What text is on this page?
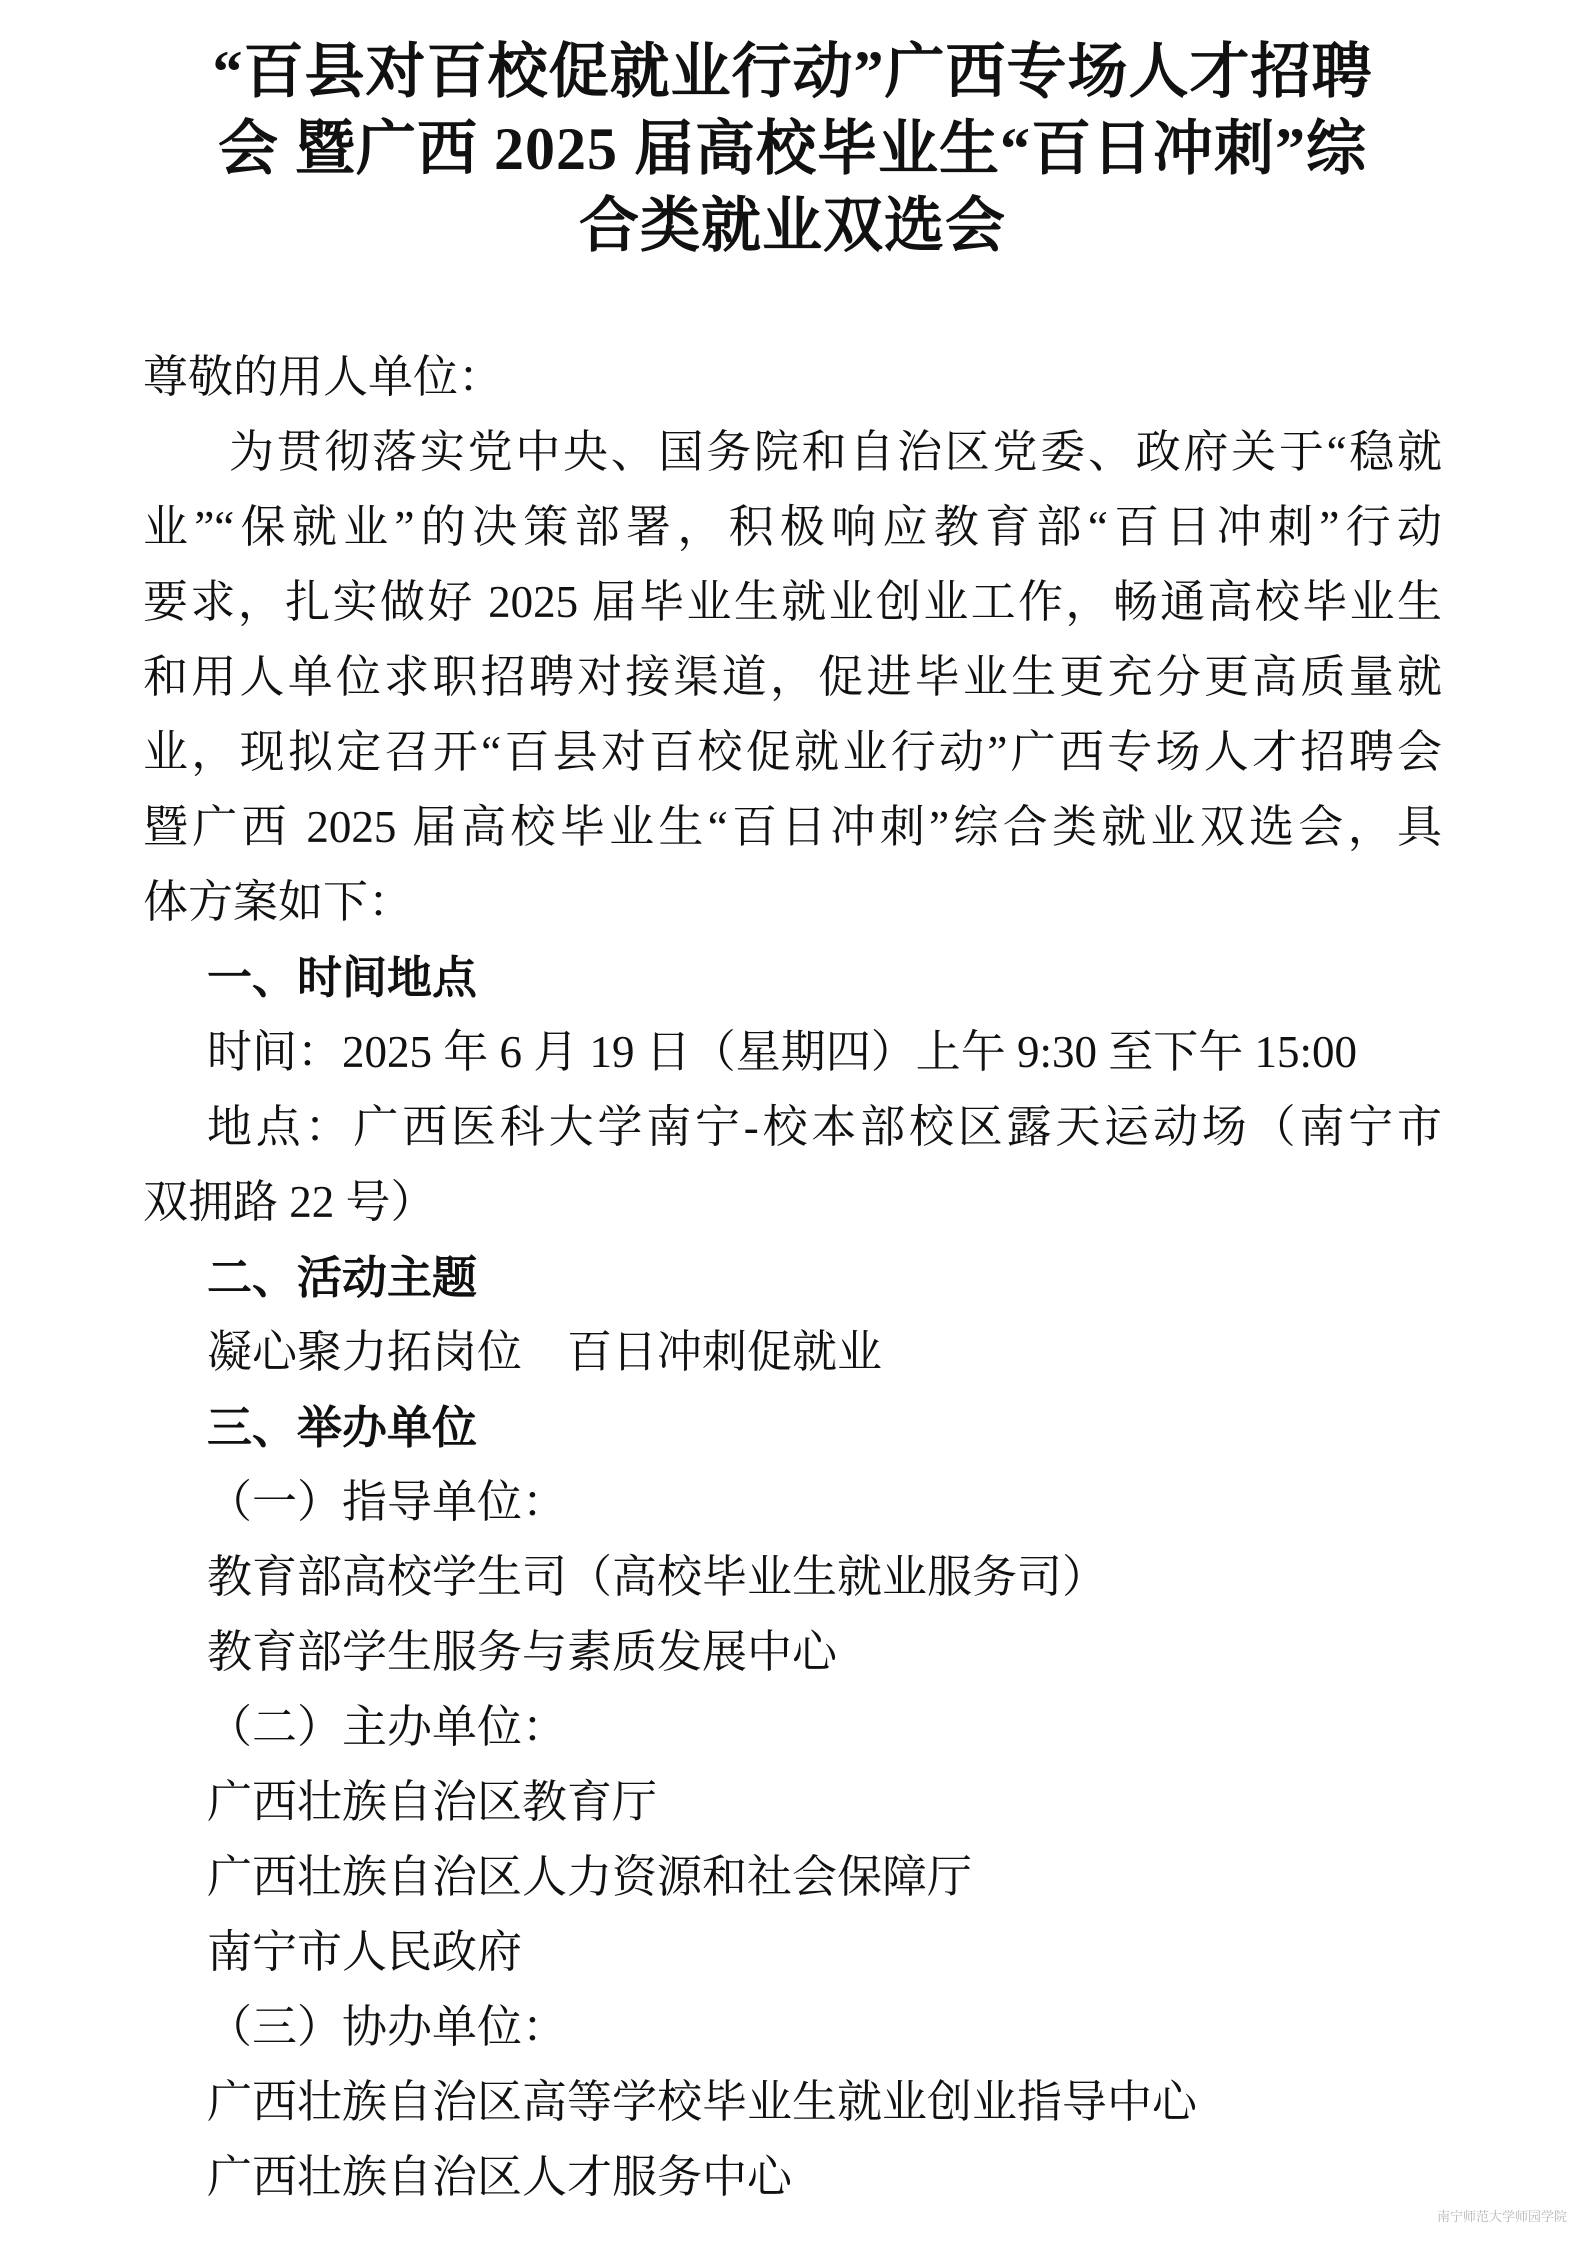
“百县对百校促就业行动”广西专场人才招聘
会 暨广西 2025 届高校毕业生“百日冲刺”综
合类就业双选会
尊敬的用人单位：
为贯彻落实党中央、国务院和自治区党委、政府关于“稳就
业”“保就业”的决策部署，积极响应教育部“百日冲刺”行动
要求，扎实做好 2025 届毕业生就业创业工作，畅通高校毕业生
和用人单位求职招聘对接渠道，促进毕业生更充分更高质量就
业，现拟定召开“百县对百校促就业行动”广西专场人才招聘会
暨广西 2025 届高校毕业生“百日冲刺”综合类就业双选会，具
体方案如下：
一、时间地点
时间：2025 年 6 月 19 日（星期四）上午 9:30 至下午 15:00
地点：广西医科大学南宁-校本部校区露天运动场（南宁市
双拥路 22 号）
二、活动主题
凝心聚力拓岗位　百日冲刺促就业
三、举办单位
（一）指导单位：
教育部高校学生司（高校毕业生就业服务司）
教育部学生服务与素质发展中心
（二）主办单位：
广西壮族自治区教育厅
广西壮族自治区人力资源和社会保障厅
南宁市人民政府
（三）协办单位：
广西壮族自治区高等学校毕业生就业创业指导中心
广西壮族自治区人才服务中心
南宁师范大学师园学院
